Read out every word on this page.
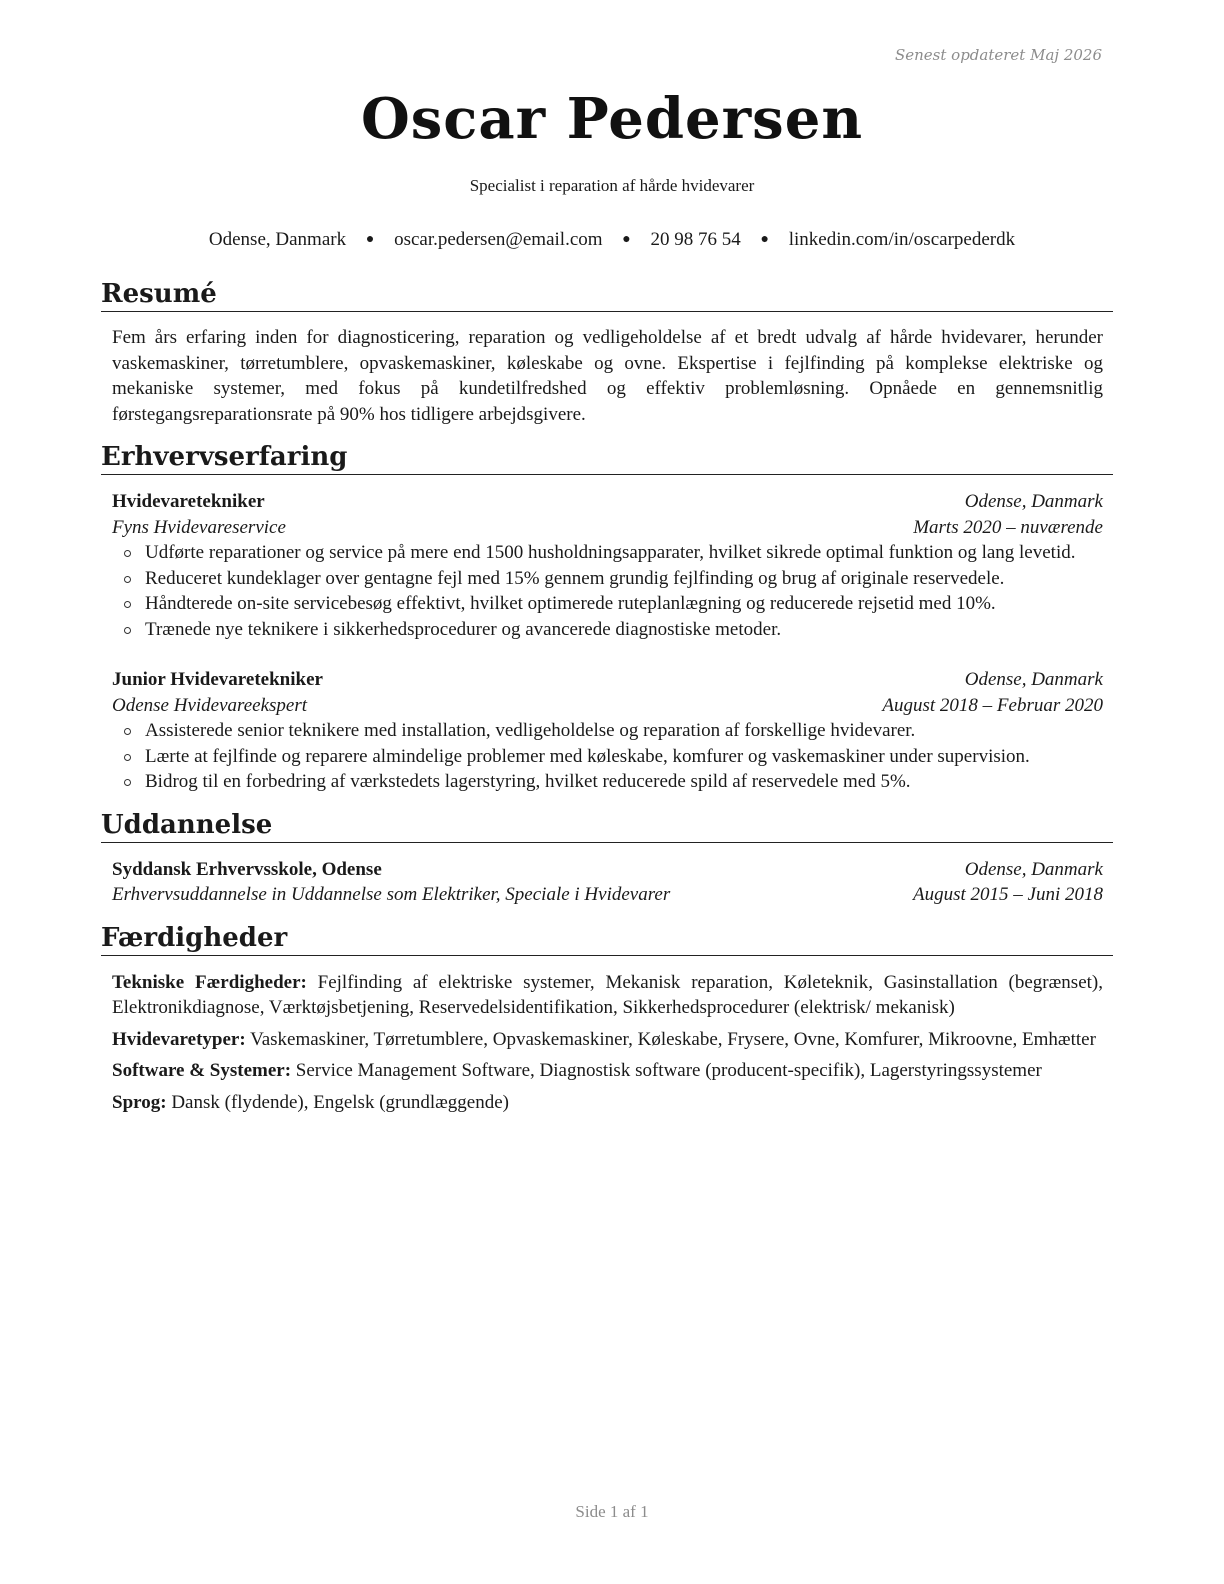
Senest opdateret Maj 2026
Oscar Pedersen
Specialist i reparation af hårde hvidevarer
Odense, Danmark ● oscar.pedersen@email.com ● 20 98 76 54 ● linkedin.com/in/oscarpederdk
Resumé
Fem års erfaring inden for diagnosticering, reparation og vedligeholdelse af et bredt udvalg af hårde hvidevarer, herunder vaskemaskiner, tørretumblere, opvaskemaskiner, køleskabe og ovne. Ekspertise i fejlfinding på komplekse elektriske og mekaniske systemer, med fokus på kundetilfredshed og effektiv problemløsning. Opnåede en gennemsnitlig førstegangsreparationsrate på 90% hos tidligere arbejdsgivere.
Erhvervserfaring
Hvidevaretekniker	Odense, Danmark
Fyns Hvidevareservice	Marts 2020 – nuværende
Udførte reparationer og service på mere end 1500 husholdningsapparater, hvilket sikrede optimal funktion og lang levetid.
Reduceret kundeklager over gentagne fejl med 15% gennem grundig fejlfinding og brug af originale reservedele.
Håndterede on-site servicebesøg effektivt, hvilket optimerede ruteplanlægning og reducerede rejsetid med 10%.
Trænede nye teknikere i sikkerhedsprocedurer og avancerede diagnostiske metoder.
Junior Hvidevaretekniker	Odense, Danmark
Odense Hvidevareekspert	August 2018 – Februar 2020
Assisterede senior teknikere med installation, vedligeholdelse og reparation af forskellige hvidevarer.
Lærte at fejlfinde og reparere almindelige problemer med køleskabe, komfurer og vaskemaskiner under supervision.
Bidrog til en forbedring af værkstedets lagerstyring, hvilket reducerede spild af reservedele med 5%.
Uddannelse
Syddansk Erhvervsskole, Odense	Odense, Danmark
Erhvervsuddannelse in Uddannelse som Elektriker, Speciale i Hvidevarer	August 2015 – Juni 2018
Færdigheder
Tekniske Færdigheder: Fejlfinding af elektriske systemer, Mekanisk reparation, Køleteknik, Gasinstallation (begrænset), Elektronikdiagnose, Værktøjsbetjening, Reservedelsidentifikation, Sikkerhedsprocedurer (elektrisk/ mekanisk)
Hvidevaretyper: Vaskemaskiner, Tørretumblere, Opvaskemaskiner, Køleskabe, Frysere, Ovne, Komfurer, Mikroovne, Emhætter
Software & Systemer: Service Management Software, Diagnostisk software (producent-specifik), Lagerstyringssystemer
Sprog: Dansk (flydende), Engelsk (grundlæggende)
Side 1 af 1
